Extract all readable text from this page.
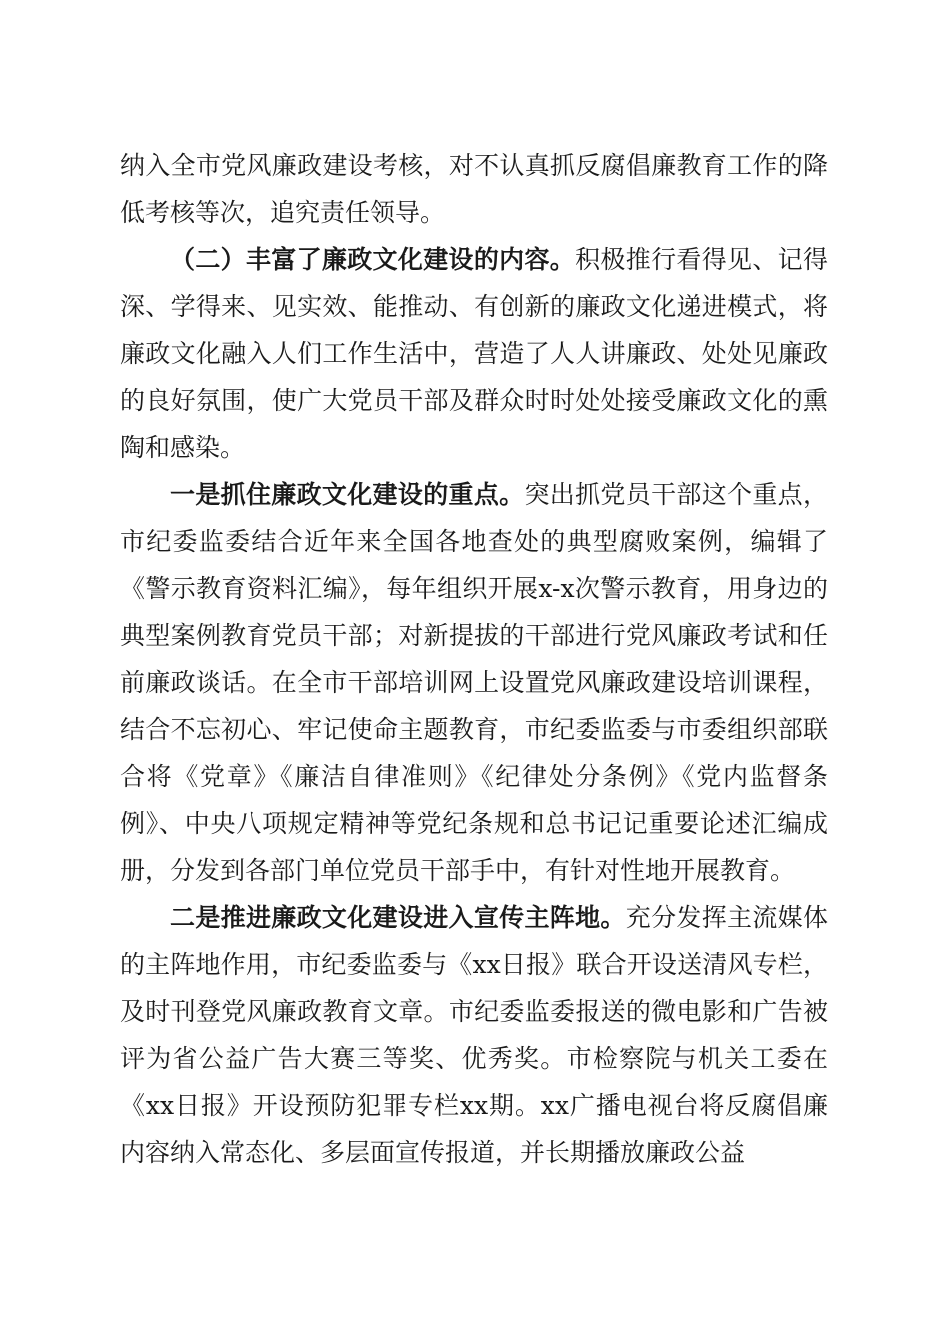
纳入全市党风廉政建设考核，对不认真抓反腐倡廉教育工作的降低考核等次，追究责任领导。

（二）丰富了廉政文化建设的内容。积极推行看得见、记得深、学得来、见实效、能推动、有创新的廉政文化递进模式，将廉政文化融入人们工作生活中，营造了人人讲廉政、处处见廉政的良好氛围，使广大党员干部及群众时时处处接受廉政文化的熏陶和感染。

一是抓住廉政文化建设的重点。突出抓党员干部这个重点，市纪委监委结合近年来全国各地查处的典型腐败案例，编辑了《警示教育资料汇编》，每年组织开展x-x次警示教育，用身边的典型案例教育党员干部；对新提拔的干部进行党风廉政考试和任前廉政谈话。在全市干部培训网上设置党风廉政建设培训课程，结合不忘初心、牢记使命主题教育，市纪委监委与市委组织部联合将《党章》《廉洁自律准则》《纪律处分条例》《党内监督条例》、中央八项规定精神等党纪条规和总书记记重要论述汇编成册，分发到各部门单位党员干部手中，有针对性地开展教育。

二是推进廉政文化建设进入宣传主阵地。充分发挥主流媒体的主阵地作用，市纪委监委与《xx日报》联合开设送清风专栏，及时刊登党风廉政教育文章。市纪委监委报送的微电影和广告被评为省公益广告大赛三等奖、优秀奖。市检察院与机关工委在《xx日报》开设预防犯罪专栏xx期。xx广播电视台将反腐倡廉内容纳入常态化、多层面宣传报道，并长期播放廉政公益
